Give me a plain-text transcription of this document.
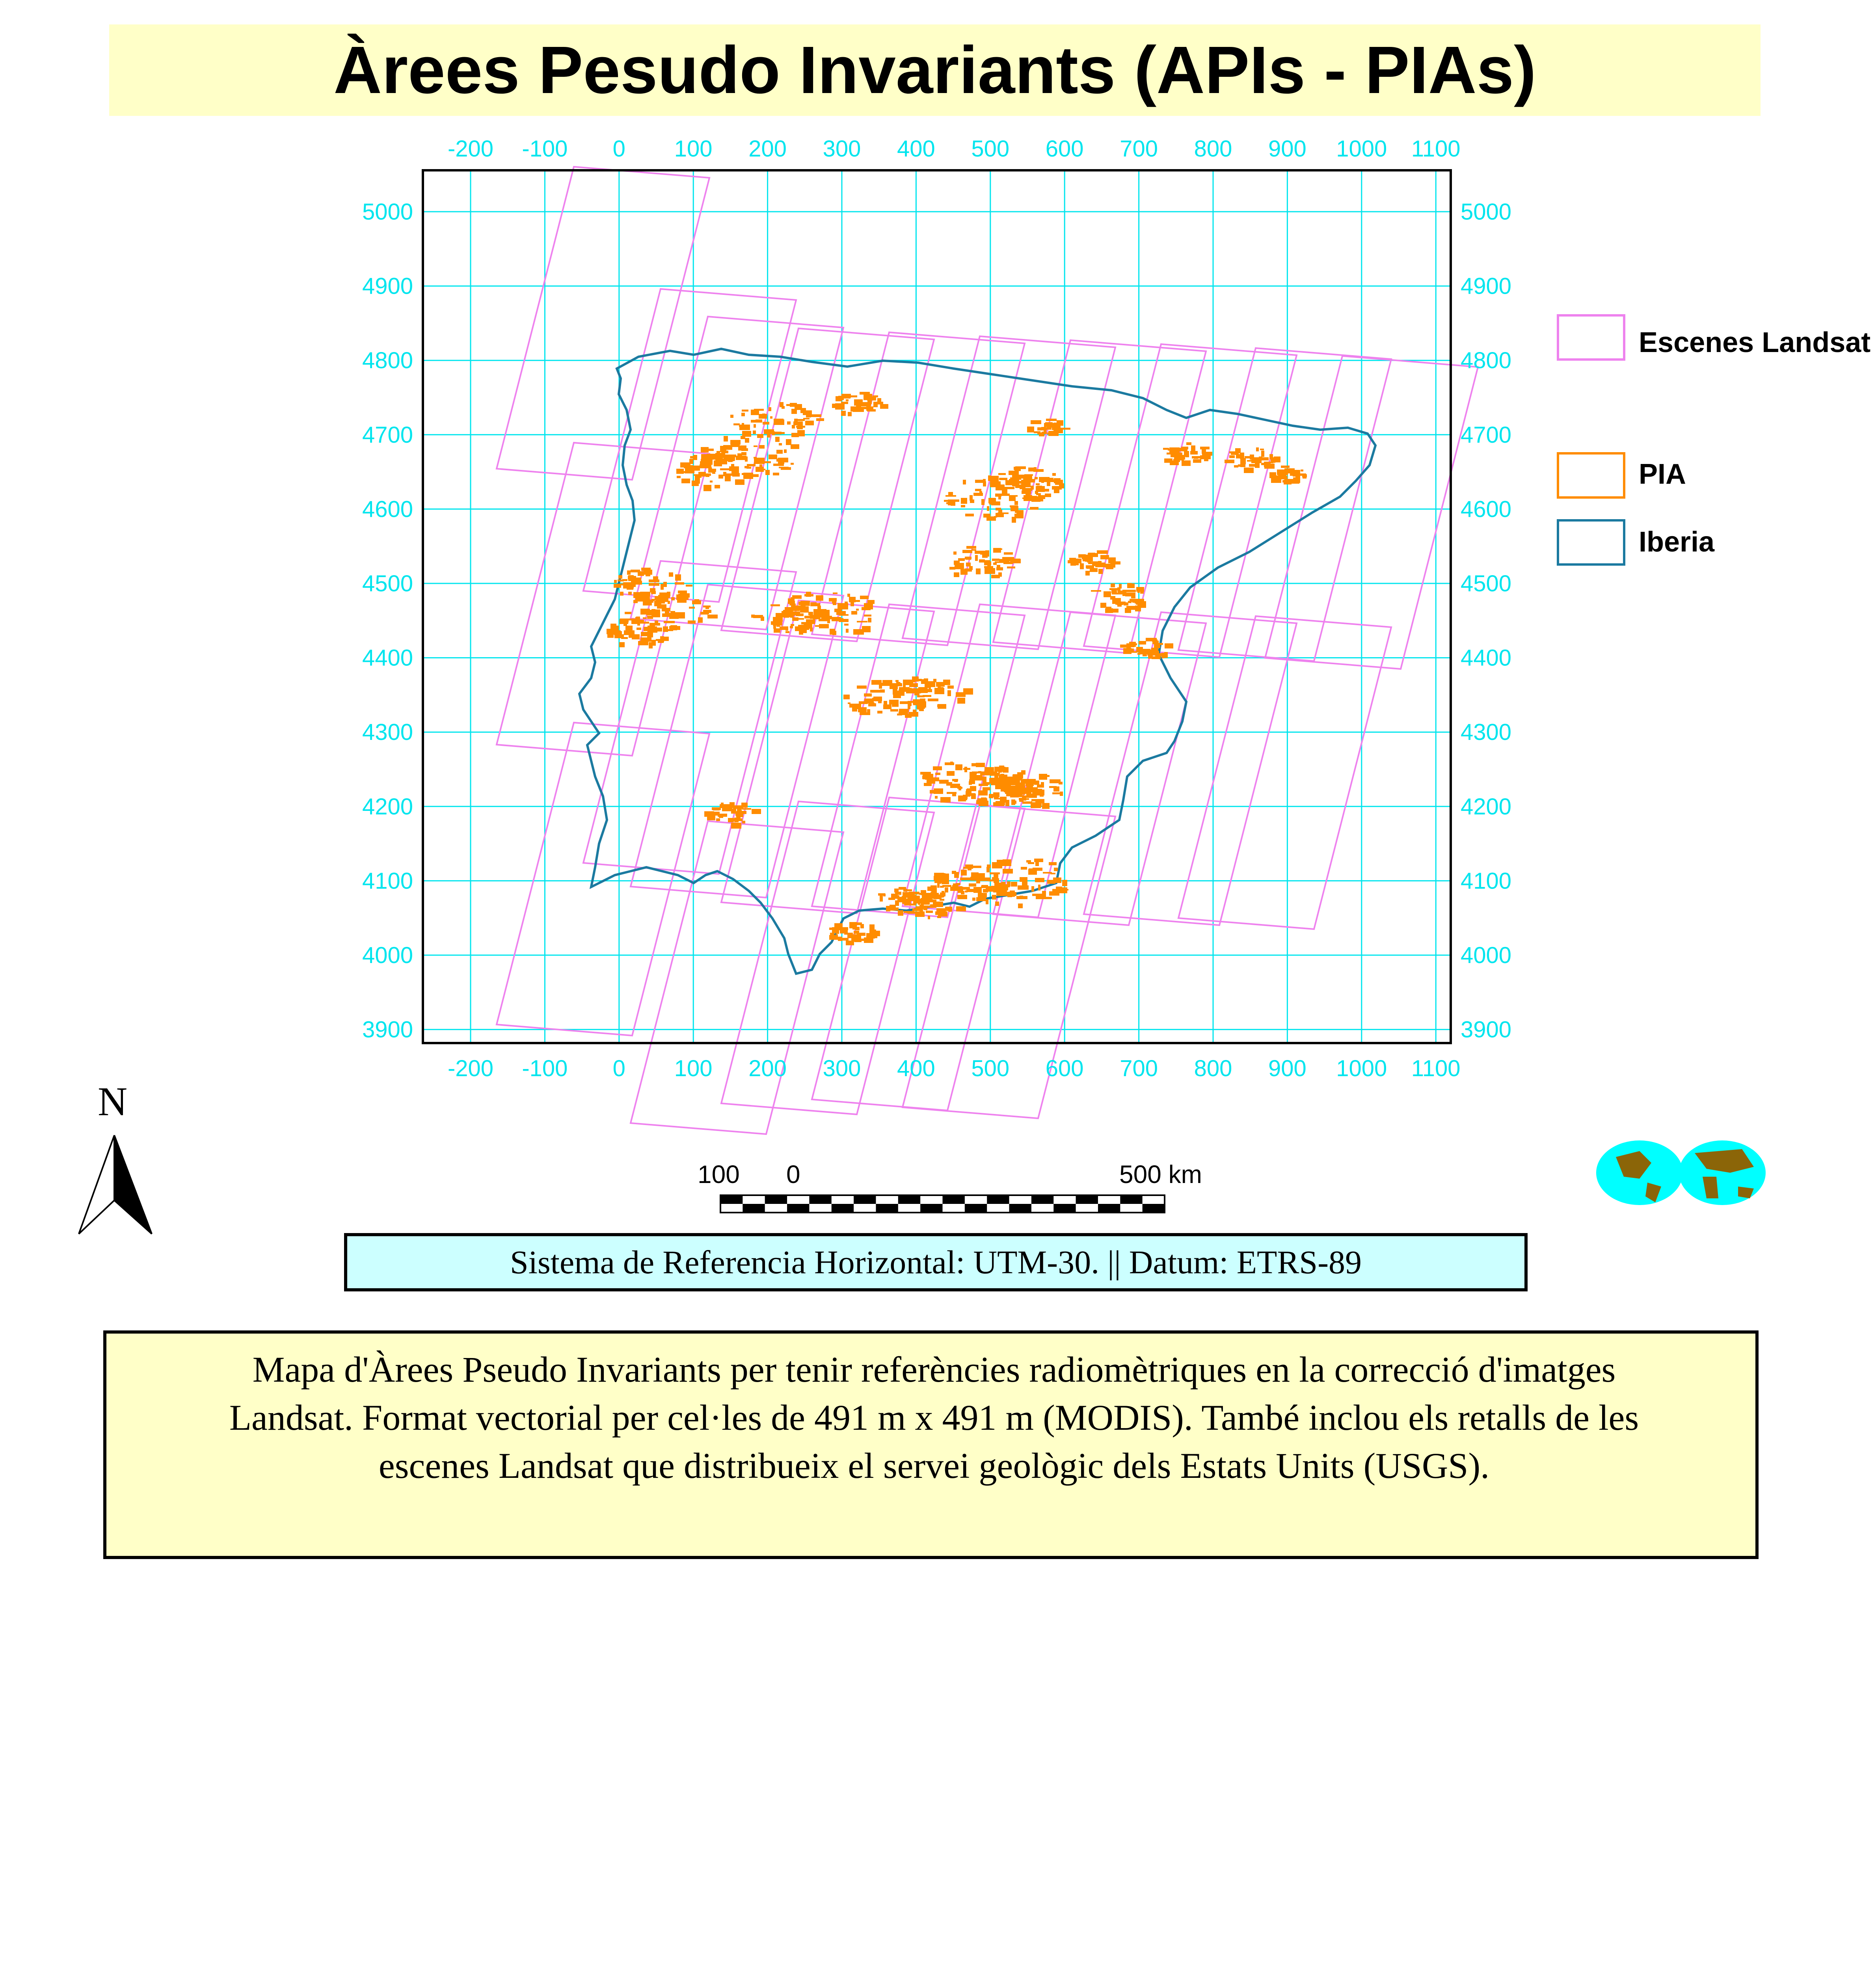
Àrees Pesudo Invariants (APIs - PIAs)
-200 -100 0 100 200 300 400 500 600 700 800 900 1000 1100
-200 -100 0 100 200 300 400 500 600 700 800 900 1000 1100
5000
4900
4800
4700
4600
4500
4400
4300
4200
4100
4000
3900
5000
4900
4800
4700
4600
4500
4400
4300
4200
4100
4000
3900
Escenes Landsat
PIA
Iberia
N
100 0	500 km
MiraMon
Sistema de Referencia Horizontal: UTM-30. || Datum: ETRS-89
Mapa d'Àrees Pseudo Invariants per tenir referències radiomètriques en la correcció d'imatges Landsat. Format vectorial per cel·les de 491 m x 491 m (MODIS). També inclou els retalls de les escenes Landsat que distribueix el servei geològic dels Estats Units (USGS).
